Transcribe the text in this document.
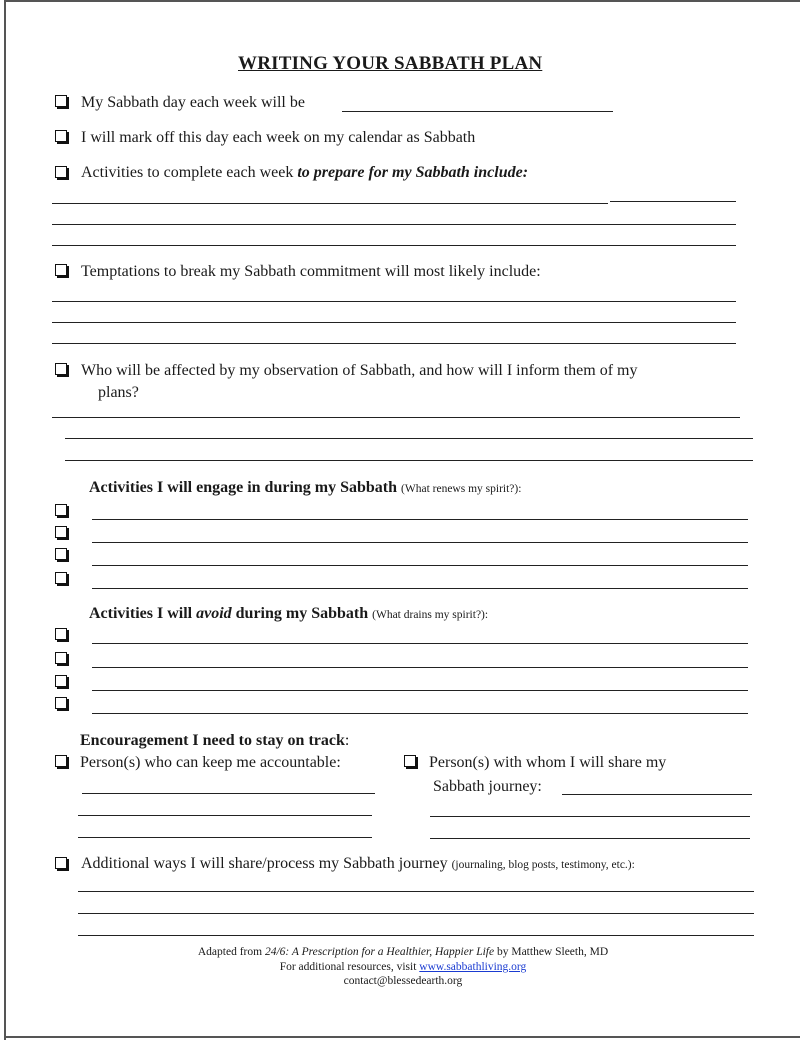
WRITING YOUR SABBATH PLAN
My Sabbath day each week will be
I will mark off this day each week on my calendar as Sabbath
Activities to complete each week to prepare for my Sabbath include:
Temptations to break my Sabbath commitment will most likely include:
Who will be affected by my observation of Sabbath, and how will I inform them of my
plans?
Activities I will engage in during my Sabbath (What renews my spirit?):
Activities I will avoid during my Sabbath (What drains my spirit?):
Encouragement I need to stay on track:
Person(s) who can keep me accountable:	Person(s) with whom I will share my
Sabbath journey:
Additional ways I will share/process my Sabbath journey (journaling, blog posts, testimony, etc.):
Adapted from 24/6: A Prescription for a Healthier, Happier Life by Matthew Sleeth, MD
For additional resources, visit www.sabbathliving.org
contact@blessedearth.org
